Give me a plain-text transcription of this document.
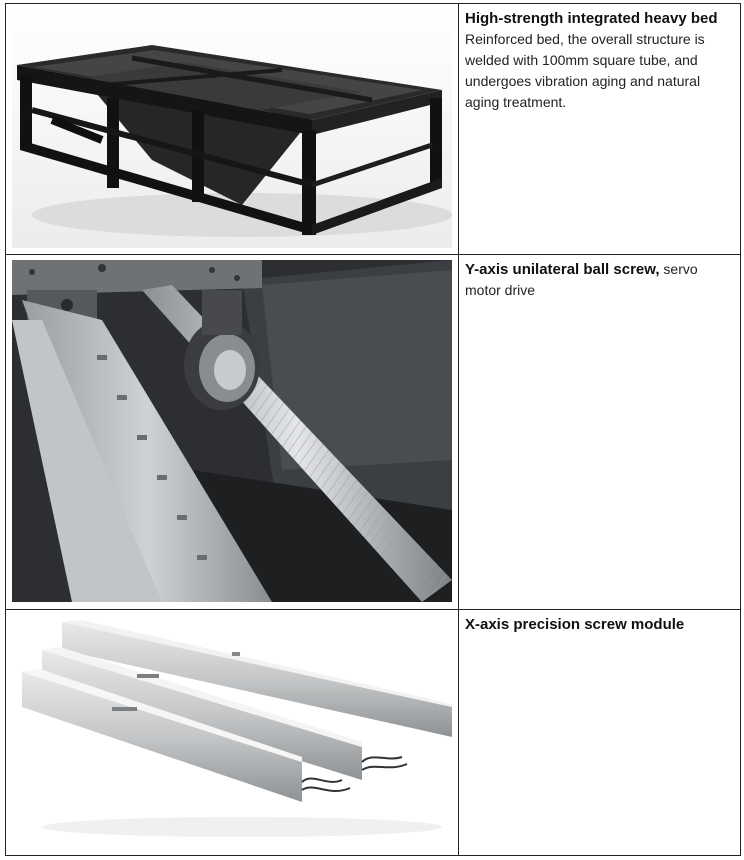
High-strength integrated heavy bed
Reinforced bed, the overall structure is welded with 100mm square tube, and undergoes vibration aging and natural aging treatment.

Y-axis unilateral ball screw, servo motor drive

X-axis precision screw module
